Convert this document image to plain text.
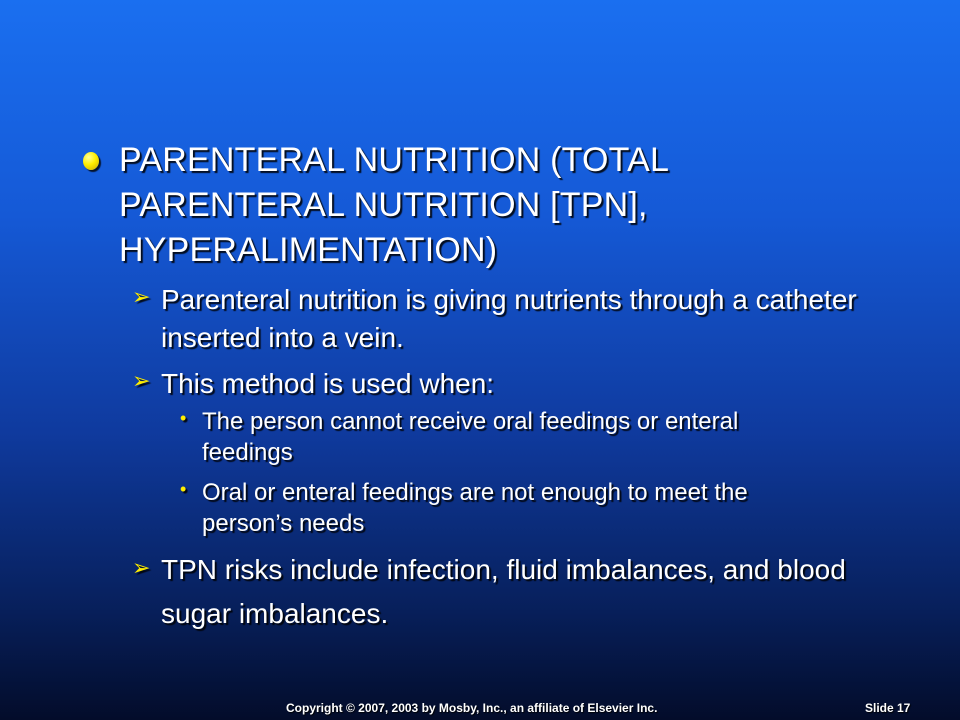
PARENTERAL NUTRITION (TOTAL PARENTERAL NUTRITION [TPN], HYPERALIMENTATION)
➢ Parenteral nutrition is giving nutrients through a catheter inserted into a vein.
➢ This method is used when:
• The person cannot receive oral feedings or enteral feedings
• Oral or enteral feedings are not enough to meet the person’s needs
➢ TPN risks include infection, fluid imbalances, and blood sugar imbalances.
Copyright © 2007, 2003 by Mosby, Inc., an affiliate of Elsevier Inc.	Slide 17
